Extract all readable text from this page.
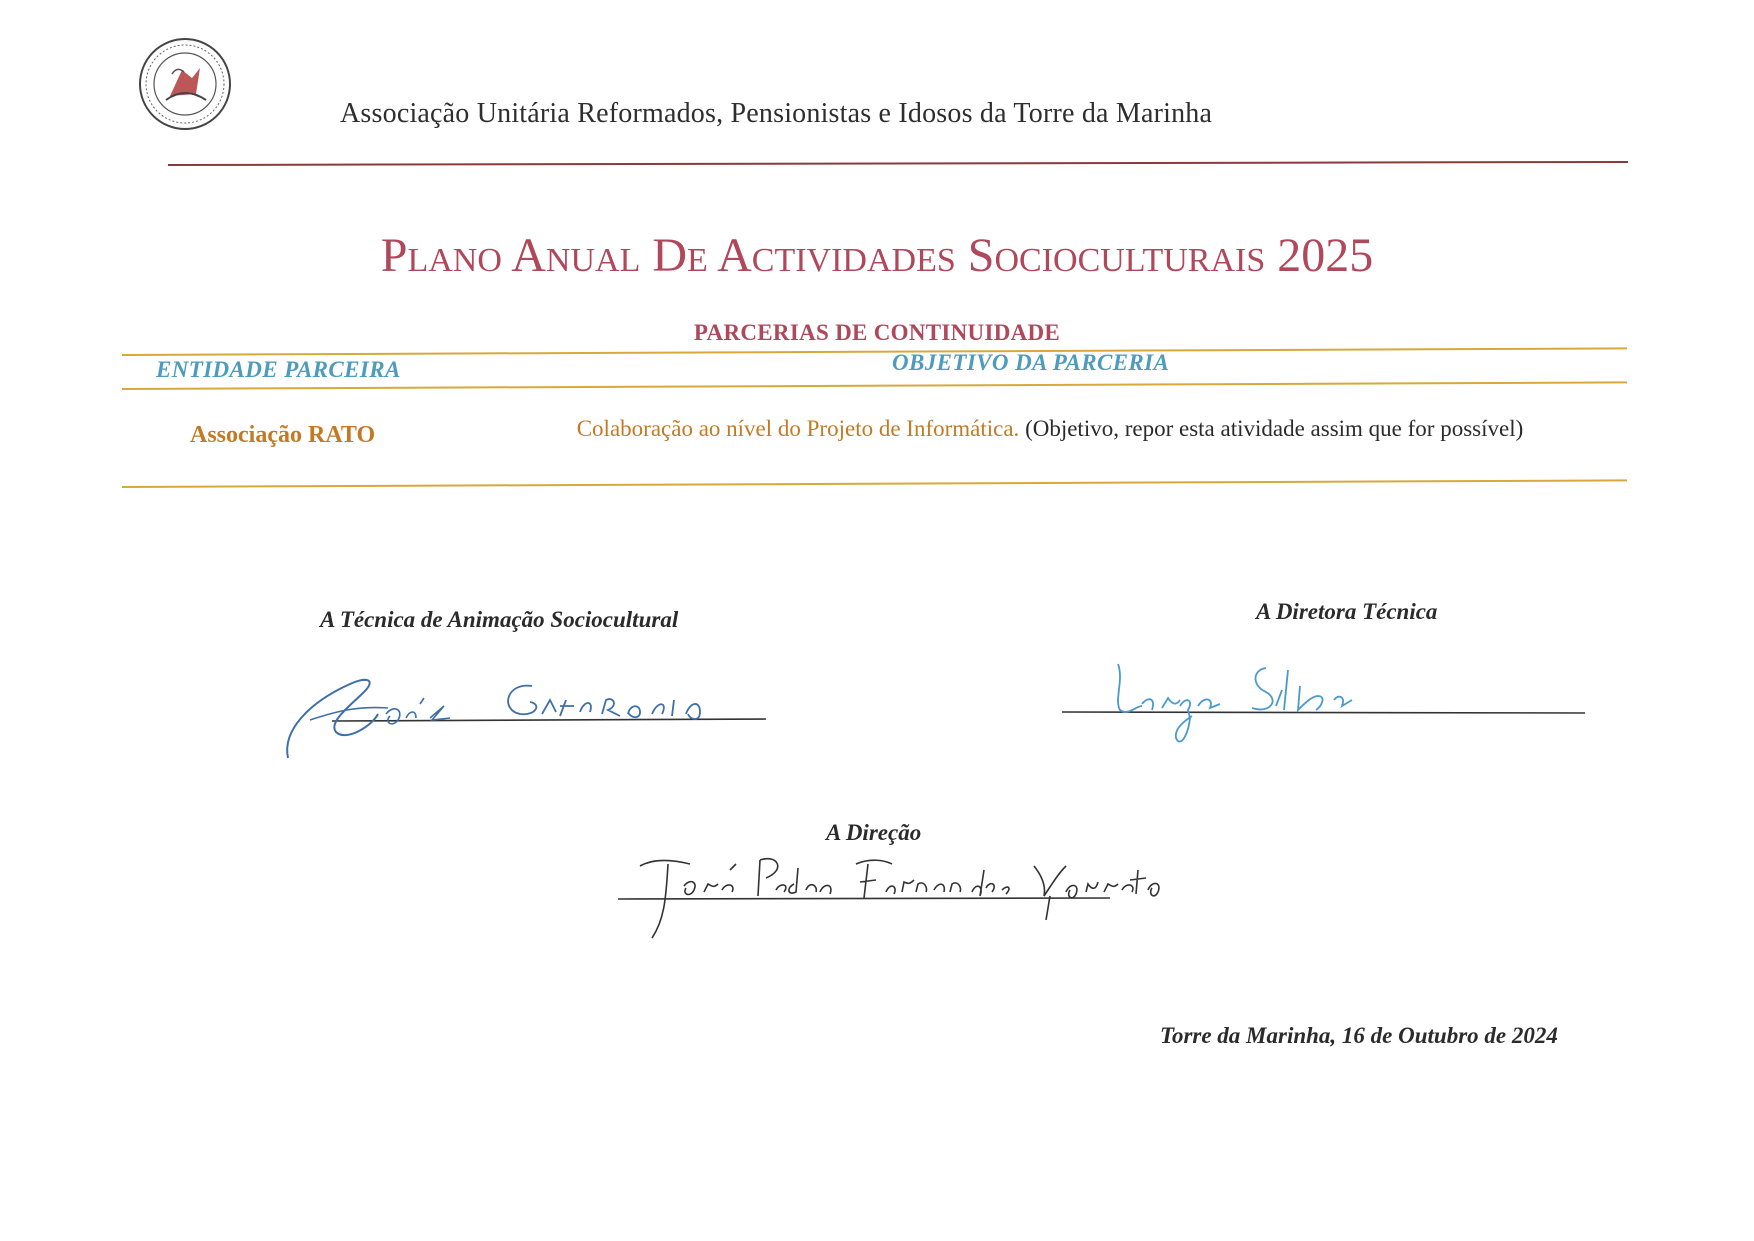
Associação Unitária Reformados, Pensionistas e Idosos da Torre da Marinha
Plano Anual De Actividades Socioculturais 2025
PARCERIAS DE CONTINUIDADE
ENTIDADE PARCEIRA	OBJETIVO DA PARCERIA
Associação RATO	Colaboração ao nível do Projeto de Informática. (Objetivo, repor esta atividade assim que for possível)
A Técnica de Animação Sociocultural	A Diretora Técnica
A Direção
Torre da Marinha, 16 de Outubro de 2024
